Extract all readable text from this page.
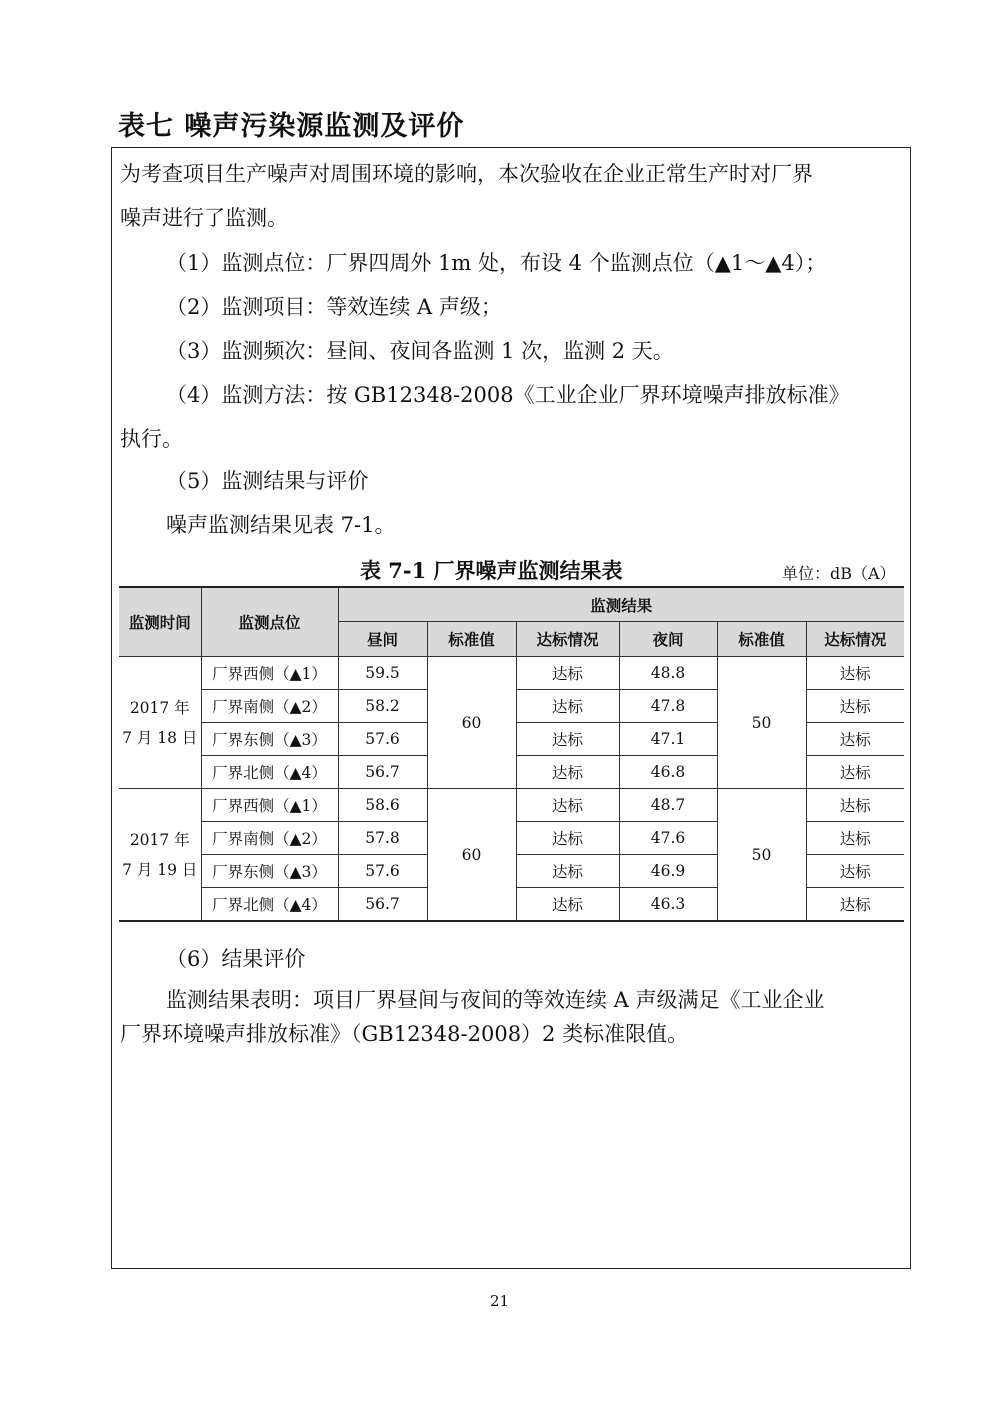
表七 噪声污染源监测及评价
为考查项目生产噪声对周围环境的影响，本次验收在企业正常生产时对厂界
噪声进行了监测。
（1）监测点位：厂界四周外 1m 处，布设 4 个监测点位（▲1～▲4）；
（2）监测项目：等效连续 A 声级；
（3）监测频次：昼间、夜间各监测 1 次，监测 2 天。
（4）监测方法：按 GB12348-2008《工业企业厂界环境噪声排放标准》
执行。
（5）监测结果与评价
噪声监测结果见表 7-1。
表 7-1 厂界噪声监测结果表	单位：dB（A）
监测时间	监测点位	监测结果					
		昼间	标准值	达标情况	夜间	标准值	达标情况
2017 年
7 月 18 日	厂界西侧（▲1）	59.5	60	达标	48.8	50	达标
	厂界南侧（▲2）	58.2		达标	47.8		达标
	厂界东侧（▲3）	57.6		达标	47.1		达标
	厂界北侧（▲4）	56.7		达标	46.8		达标
2017 年
7 月 19 日	厂界西侧（▲1）	58.6	60	达标	48.7	50	达标
	厂界南侧（▲2）	57.8		达标	47.6		达标
	厂界东侧（▲3）	57.6		达标	46.9		达标
	厂界北侧（▲4）	56.7		达标	46.3		达标
（6）结果评价
监测结果表明：项目厂界昼间与夜间的等效连续 A 声级满足《工业企业
厂界环境噪声排放标准》（GB12348-2008）2 类标准限值。
21
